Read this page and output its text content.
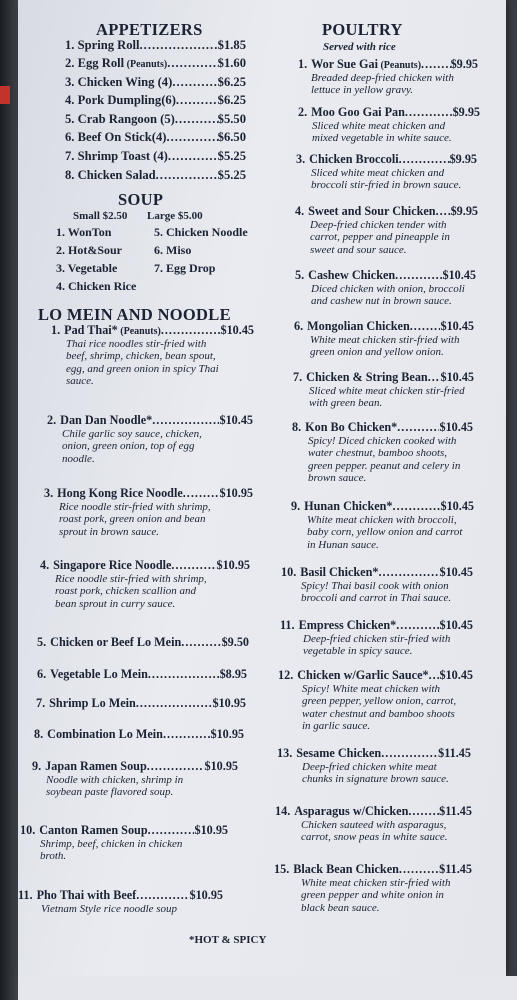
APPETIZERS
1. Spring Roll .....	$1.85
2. Egg Roll (Peanuts) .....	$1.60
3. Chicken Wing (4) .....	$6.25
4. Pork Dumpling(6) .....	$6.25
5. Crab Rangoon (5) .....	$5.50
6. Beef On Stick(4) .....	$6.50
7. Shrimp Toast (4) .....	$5.25
8. Chicken Salad .....	$5.25
SOUP
Small $2.50 Large $5.00
1. WonTon	5. Chicken Noodle
2. Hot&Sour	6. Miso
3. Vegetable	7. Egg Drop
4. Chicken Rice
LO MEIN AND NOODLE
1. Pad Thai* (Peanuts) .....	$10.45
Thai rice noodles stir-fried with
beef, shrimp, chicken, bean spout,
egg, and green onion in spicy Thai
sauce.
2. Dan Dan Noodle* .....	$10.45
Chile garlic soy sauce, chicken,
onion, green onion, top of egg
noodle.
3. Hong Kong Rice Noodle .....	$10.95
Rice noodle stir-fried with shrimp,
roast pork, green onion and bean
sprout in brown sauce.
4. Singapore Rice Noodle .....	$10.95
Rice noodle stir-fried with shrimp,
roast pork, chicken scallion and
bean sprout in curry sauce.
5. Chicken or Beef Lo Mein .....	$9.50
6. Vegetable Lo Mein .....	$8.95
7. Shrimp Lo Mein .....	$10.95
8. Combination Lo Mein .....	$10.95
9. Japan Ramen Soup .....	$10.95
Noodle with chicken, shrimp in
soybean paste flavored soup.
10. Canton Ramen Soup .....	$10.95
Shrimp, beef, chicken in chicken
broth.
11. Pho Thai with Beef .....	$10.95
Vietnam Style rice noodle soup
POULTRY
Served with rice
1. Wor Sue Gai (Peanuts) ..... $9.95
Breaded deep-fried chicken with
lettuce in yellow gravy.
2. Moo Goo Gai Pan .....	$9.95
Sliced white meat chicken and
mixed vegetable in white sauce.
3. Chicken Broccoli .....	$9.95
Sliced white meat chicken and
broccoli stir-fried in brown sauce.
4. Sweet and Sour Chicken ..... $9.95
Deep-fried chicken tender with
carrot, pepper and pineapple in
sweet and sour sauce.
5. Cashew Chicken .....	$10.45
Diced chicken with onion, broccoli
and cashew nut in brown sauce.
6. Mongolian Chicken .....	$10.45
White meat chicken stir-fried with
green onion and yellow onion.
7. Chicken & String Bean ..... $10.45
Sliced white meat chicken stir-fried
with green bean.
8. Kon Bo Chicken* .....	$10.45
Spicy! Diced chicken cooked with
water chestnut, bamboo shoots,
green pepper. peanut and celery in
brown sauce.
9. Hunan Chicken* .....	$10.45
White meat chicken with broccoli,
baby corn, yellow onion and carrot
in Hunan sauce.
10. Basil Chicken* .....	$10.45
Spicy! Thai basil cook with onion
broccoli and carrot in Thai sauce.
11. Empress Chicken* .....	$10.45
Deep-fried chicken stir-fried with
vegetable in spicy sauce.
12. Chicken w/Garlic Sauce* ..... $10.45
Spicy! White meat chicken with
green pepper, yellow onion, carrot,
water chestnut and bamboo shoots
in garlic sauce.
13. Sesame Chicken .....	$11.45
Deep-fried chicken white meat
chunks in signature brown sauce.
14. Asparagus w/Chicken .....	$11.45
Chicken sauteed with asparagus,
carrot, snow peas in white sauce.
15. Black Bean Chicken .....	$11.45
White meat chicken stir-fried with
green pepper and white onion in
black bean sauce.
*HOT & SPICY
